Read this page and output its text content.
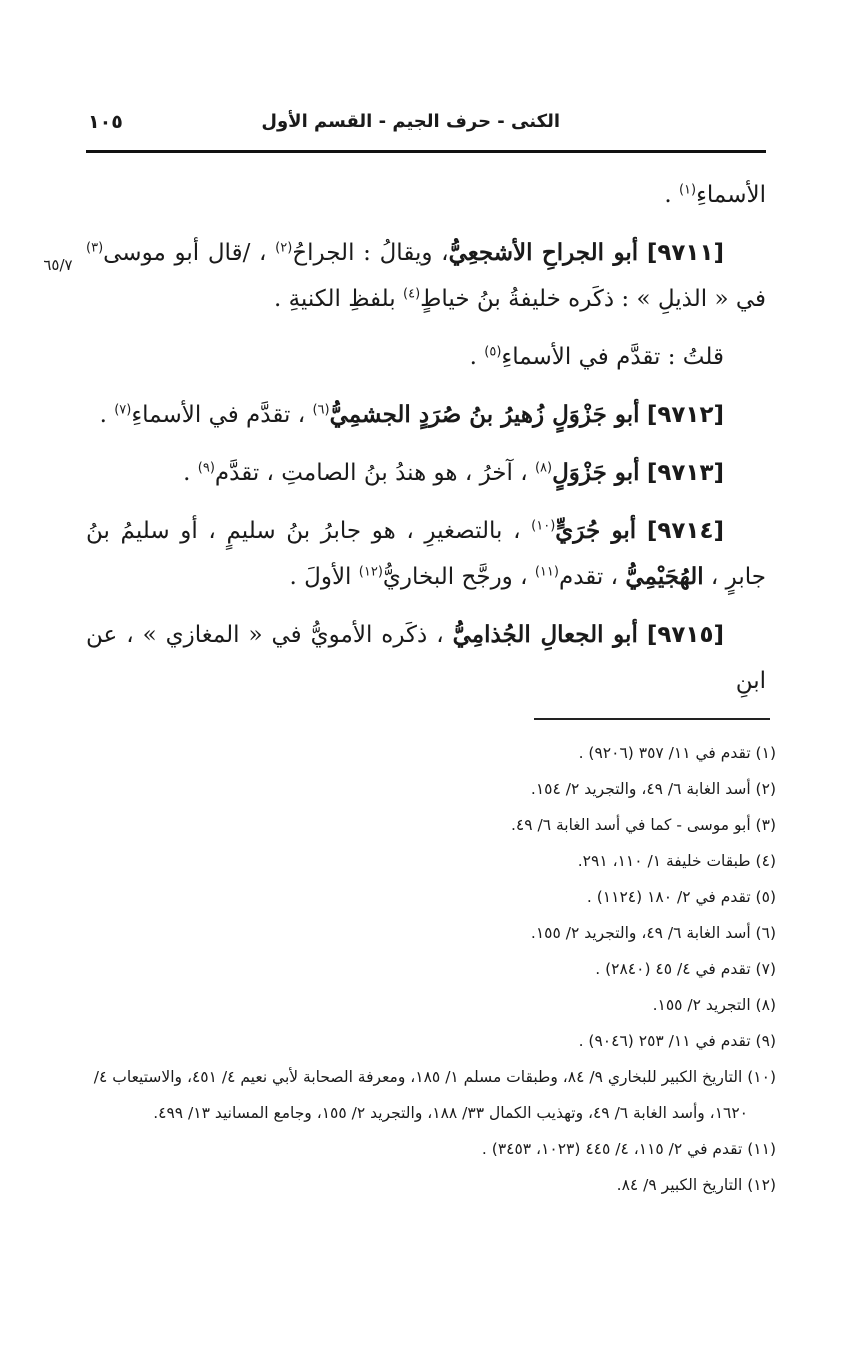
١٠٥	الكنى - حرف الجيم - القسم الأول
٦٥/٧

الأسماءِ$^{(١)}$ .

[٩٧١١] أبو الجراحِ الأشجعِيُّ، ويقالُ : الجراحُ$^{(٢)}$ ، /قال أبو موسى$^{(٣)}$ في « الذيلِ » : ذكَره خليفةُ بنُ خياطٍ$^{(٤)}$ بلفظِ الكنيةِ .

قلتُ : تقدَّم في الأسماءِ$^{(٥)}$ .

[٩٧١٢] أبو جَزْوَلٍ زُهيرُ بنُ صُرَدٍ الجشمِيُّ$^{(٦)}$ ، تقدَّم في الأسماءِ$^{(٧)}$ .

[٩٧١٣] أبو جَزْوَلٍ$^{(٨)}$ ، آخرُ ، هو هندُ بنُ الصامتِ ، تقدَّم$^{(٩)}$ .

[٩٧١٤] أبو جُرَيٍّ$^{(١٠)}$ ، بالتصغيرِ ، هو جابرُ بنُ سليمٍ ، أو سليمُ بنُ جابرٍ ، الهُجَيْمِيُّ ، تقدم$^{(١١)}$ ، ورجَّح البخاريُّ$^{(١٢)}$ الأولَ .

[٩٧١٥] أبو الجعالِ الجُذامِيُّ ، ذكَره الأمويُّ في « المغازي » ، عن ابنِ

(١) تقدم في ١١/ ٣٥٧ (٩٢٠٦) .

(٢) أسد الغابة ٦/ ٤٩، والتجريد ٢/ ١٥٤.

(٣) أبو موسى - كما في أسد الغابة ٦/ ٤٩.

(٤) طبقات خليفة ١/ ١١٠، ٢٩١.

(٥) تقدم في ٢/ ١٨٠ (١١٢٤) .

(٦) أسد الغابة ٦/ ٤٩، والتجريد ٢/ ١٥٥.

(٧) تقدم في ٤/ ٤٥ (٢٨٤٠) .

(٨) التجريد ٢/ ١٥٥.

(٩) تقدم في ١١/ ٢٥٣ (٩٠٤٦) .

(١٠) التاريخ الكبير للبخاري ٩/ ٨٤، وطبقات مسلم ١/ ١٨٥، ومعرفة الصحابة لأبي نعيم ٤/ ٤٥١، والاستيعاب ٤/ ١٦٢٠، وأسد الغابة ٦/ ٤٩، وتهذيب الكمال ٣٣/ ١٨٨، والتجريد ٢/ ١٥٥، وجامع المسانيد ١٣/ ٤٩٩.

(١١) تقدم في ٢/ ١١٥، ٤/ ٤٤٥ (١٠٢٣، ٣٤٥٣) .

(١٢) التاريخ الكبير ٩/ ٨٤.
